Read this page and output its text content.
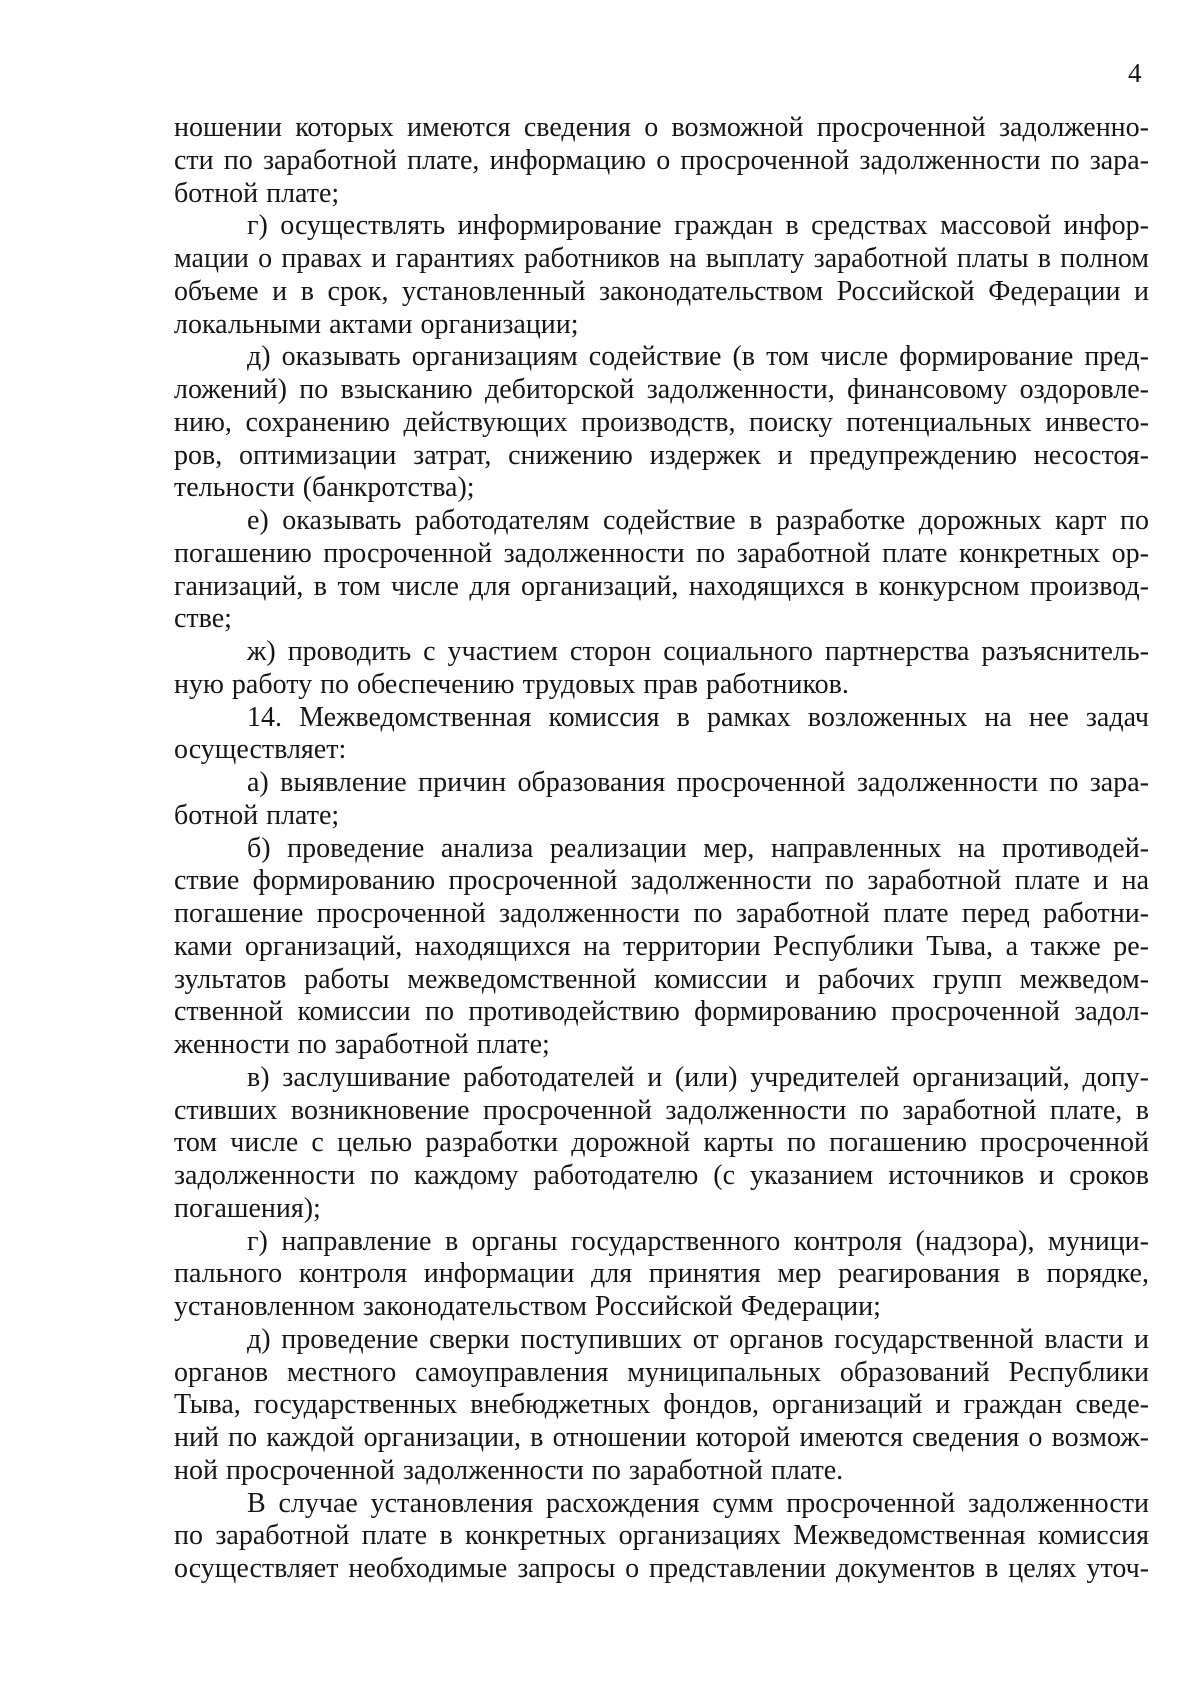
4
ношении которых имеются сведения о возможной просроченной задолженно-
сти по заработной плате, информацию о просроченной задолженности по зара-
ботной плате;
г) осуществлять информирование граждан в средствах массовой инфор-
мации о правах и гарантиях работников на выплату заработной платы в полном
объеме и в срок, установленный законодательством Российской Федерации и
локальными актами организации;
д) оказывать организациям содействие (в том числе формирование пред-
ложений) по взысканию дебиторской задолженности, финансовому оздоровле-
нию, сохранению действующих производств, поиску потенциальных инвесто-
ров, оптимизации затрат, снижению издержек и предупреждению несостоя-
тельности (банкротства);
е) оказывать работодателям содействие в разработке дорожных карт по
погашению просроченной задолженности по заработной плате конкретных ор-
ганизаций, в том числе для организаций, находящихся в конкурсном производ-
стве;
ж) проводить с участием сторон социального партнерства разъяснитель-
ную работу по обеспечению трудовых прав работников.
14. Межведомственная комиссия в рамках возложенных на нее задач
осуществляет:
а) выявление причин образования просроченной задолженности по зара-
ботной плате;
б) проведение анализа реализации мер, направленных на противодей-
ствие формированию просроченной задолженности по заработной плате и на
погашение просроченной задолженности по заработной плате перед работни-
ками организаций, находящихся на территории Республики Тыва, а также ре-
зультатов работы межведомственной комиссии и рабочих групп межведом-
ственной комиссии по противодействию формированию просроченной задол-
женности по заработной плате;
в) заслушивание работодателей и (или) учредителей организаций, допу-
стивших возникновение просроченной задолженности по заработной плате, в
том числе с целью разработки дорожной карты по погашению просроченной
задолженности по каждому работодателю (с указанием источников и сроков
погашения);
г) направление в органы государственного контроля (надзора), муници-
пального контроля информации для принятия мер реагирования в порядке,
установленном законодательством Российской Федерации;
д) проведение сверки поступивших от органов государственной власти и
органов местного самоуправления муниципальных образований Республики
Тыва, государственных внебюджетных фондов, организаций и граждан сведе-
ний по каждой организации, в отношении которой имеются сведения о возмож-
ной просроченной задолженности по заработной плате.
В случае установления расхождения сумм просроченной задолженности
по заработной плате в конкретных организациях Межведомственная комиссия
осуществляет необходимые запросы о представлении документов в целях уточ-
